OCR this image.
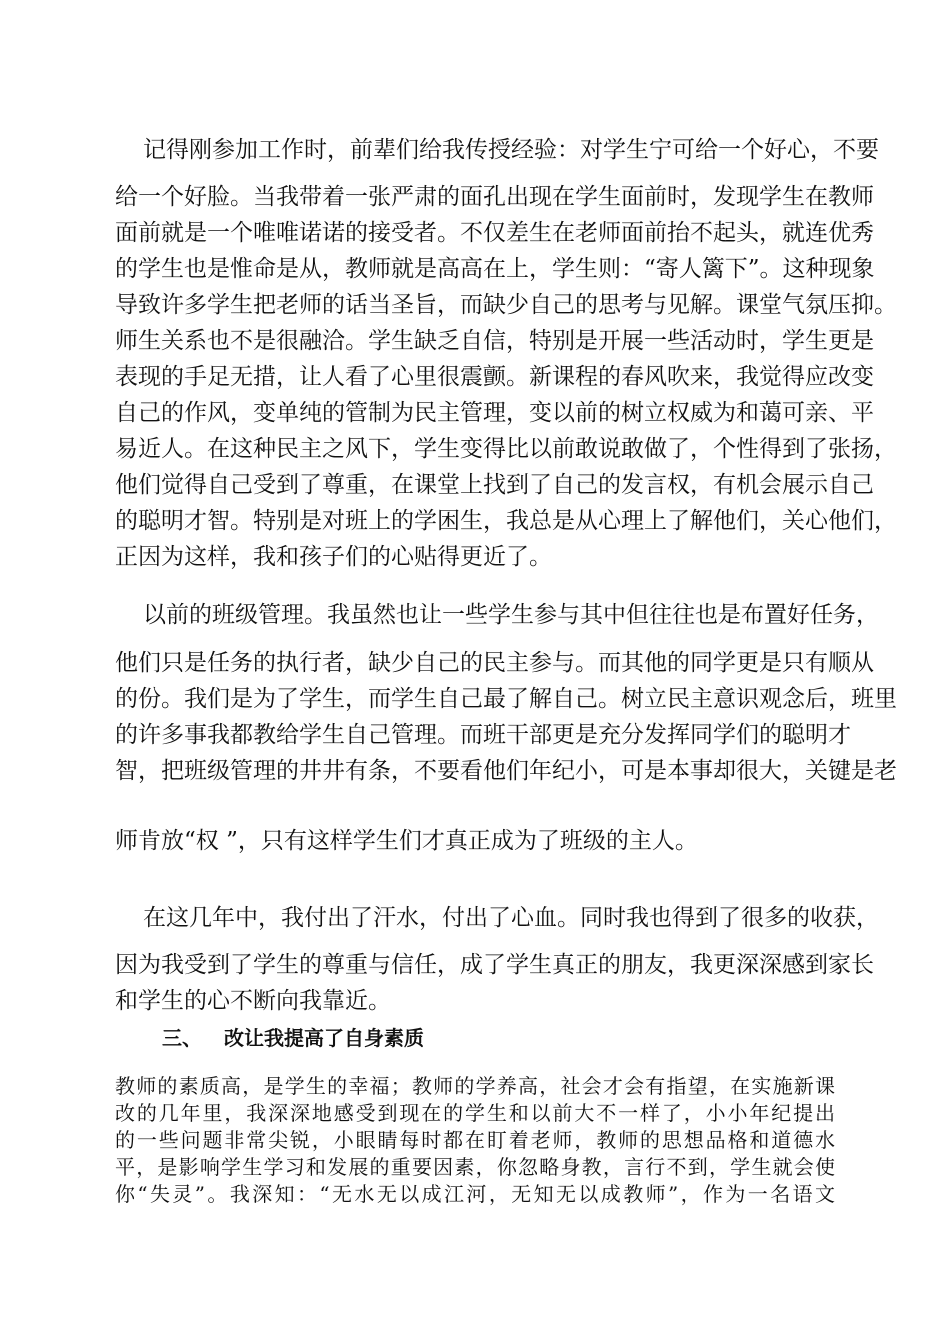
记得刚参加工作时，前辈们给我传授经验：对学生宁可给一个好心，不要
给一个好脸。当我带着一张严肃的面孔出现在学生面前时，发现学生在教师
面前就是一个唯唯诺诺的接受者。不仅差生在老师面前抬不起头，就连优秀
的学生也是惟命是从，教师就是高高在上，学生则：“寄人篱下”。这种现象
导致许多学生把老师的话当圣旨，而缺少自己的思考与见解。课堂气氛压抑。
师生关系也不是很融洽。学生缺乏自信，特别是开展一些活动时，学生更是
表现的手足无措，让人看了心里很震颤。新课程的春风吹来，我觉得应改变
自己的作风，变单纯的管制为民主管理，变以前的树立权威为和蔼可亲、平
易近人。在这种民主之风下，学生变得比以前敢说敢做了，个性得到了张扬，
他们觉得自己受到了尊重，在课堂上找到了自己的发言权，有机会展示自己
的聪明才智。特别是对班上的学困生，我总是从心理上了解他们，关心他们，
正因为这样，我和孩子们的心贴得更近了。
以前的班级管理。我虽然也让一些学生参与其中但往往也是布置好任务，
他们只是任务的执行者，缺少自己的民主参与。而其他的同学更是只有顺从
的份。我们是为了学生，而学生自己最了解自己。树立民主意识观念后，班里
的许多事我都教给学生自己管理。而班干部更是充分发挥同学们的聪明才
智，把班级管理的井井有条，不要看他们年纪小，可是本事却很大，关键是老
师肯放“权 ”，只有这样学生们才真正成为了班级的主人。
在这几年中，我付出了汗水，付出了心血。同时我也得到了很多的收获，
因为我受到了学生的尊重与信任，成了学生真正的朋友，我更深深感到家长
和学生的心不断向我靠近。
三、 改让我提高了自身素质
教师的素质高，是学生的幸福；教师的学养高，社会才会有指望，在实施新课
改的几年里，我深深地感受到现在的学生和以前大不一样了，小小年纪提出
的一些问题非常尖锐，小眼睛每时都在盯着老师，教师的思想品格和道德水
平，是影响学生学习和发展的重要因素，你忽略身教，言行不到，学生就会使
你“失灵”。我深知：“无水无以成江河，无知无以成教师”，作为一名语文
